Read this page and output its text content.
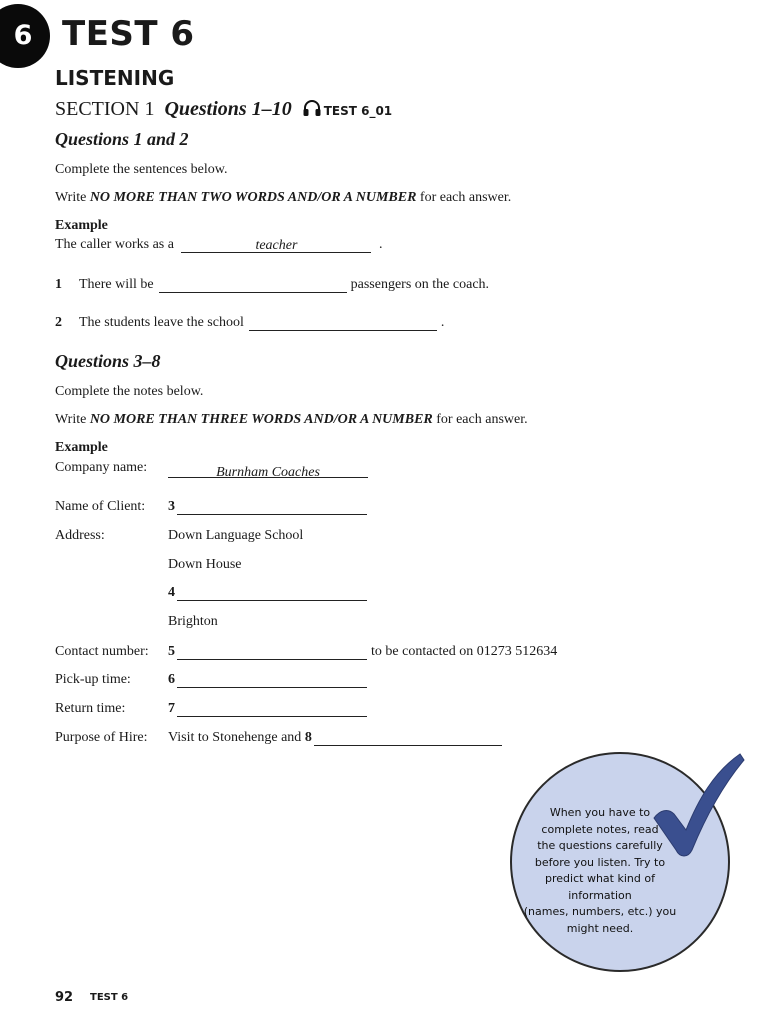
6 TEST 6
LISTENING
SECTION 1 Questions 1–10	TEST 6_01
Questions 1 and 2
Complete the sentences below.
Write NO MORE THAN TWO WORDS AND/OR A NUMBER for each answer.
Example
The caller works as a	teacher	.
1 There will be	passengers on the coach.
2 The students leave the school	.
Questions 3–8
Complete the notes below.
Write NO MORE THAN THREE WORDS AND/OR A NUMBER for each answer.
Example
Company name:	Burnham Coaches
Name of Client: 3
Address:	Down Language School
Down House
4
Brighton
Contact number: 5	to be contacted on 01273 512634
Pick-up time:	6
Return time:	7
Purpose of Hire: Visit to Stonehenge and 8
When you have to
complete notes, read
the questions carefully
before you listen. Try to
predict what kind of information
(names, numbers, etc.) you
might need.
92 TEST 6
